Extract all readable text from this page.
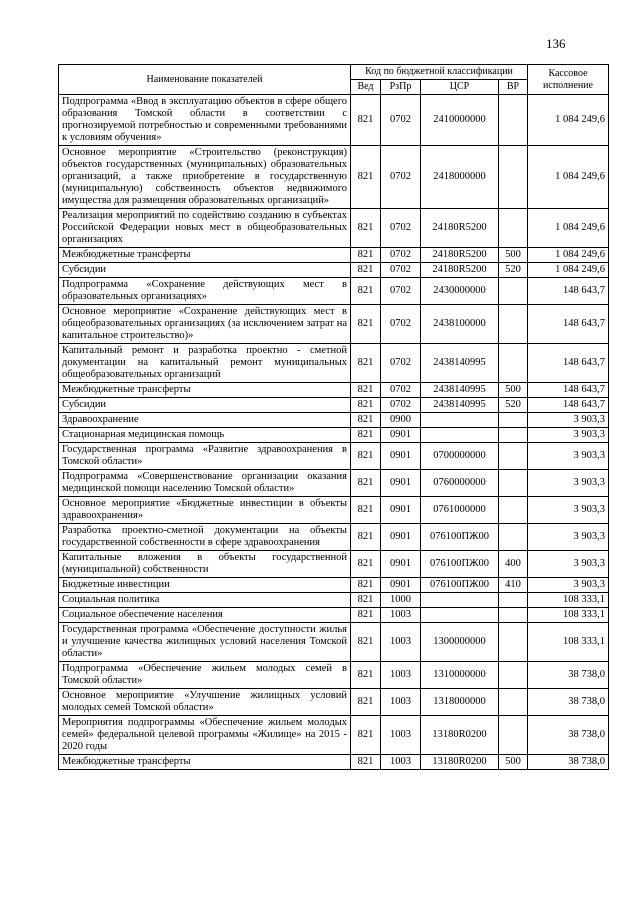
136
Наименование показателей	Код по бюджетной классификации				Кассовое исполнение
	Вед	РзПр	ЦСР	ВР	
Подпрограмма «Ввод в эксплуатацию объектов в сфере общего образования Томской области в соответствии с прогнозируемой потребностью и современными требованиями к условиям обучения»	821	0702	2410000000		1 084 249,6
Основное мероприятие «Строительство (реконструкция) объектов государственных (муниципальных) образовательных организаций, а также приобретение в государственную (муниципальную) собственность объектов недвижимого имущества для размещения образовательных организаций»	821	0702	2418000000		1 084 249,6
Реализация мероприятий по содействию созданию в субъектах Российской Федерации новых мест в общеобразовательных организациях	821	0702	24180R5200		1 084 249,6
Межбюджетные трансферты	821	0702	24180R5200	500	1 084 249,6
Субсидии	821	0702	24180R5200	520	1 084 249,6
Подпрограмма «Сохранение действующих мест в образовательных организациях»	821	0702	2430000000		148 643,7
Основное мероприятие «Сохранение действующих мест в общеобразовательных организациях (за исключением затрат на капитальное строительство)»	821	0702	2438100000		148 643,7
Капитальный ремонт и разработка проектно - сметной документации на капитальный ремонт муниципальных общеобразовательных организаций	821	0702	2438140995		148 643,7
Межбюджетные трансферты	821	0702	2438140995	500	148 643,7
Субсидии	821	0702	2438140995	520	148 643,7
Здравоохранение	821	0900			3 903,3
Стационарная медицинская помощь	821	0901			3 903,3
Государственная программа «Развитие здравоохранения в Томской области»	821	0901	0700000000		3 903,3
Подпрограмма «Совершенствование организации оказания медицинской помощи населению Томской области»	821	0901	0760000000		3 903,3
Основное мероприятие «Бюджетные инвестиции в объекты здравоохранения»	821	0901	0761000000		3 903,3
Разработка проектно-сметной документации на объекты государственной собственности в сфере здравоохранения	821	0901	076100ПЖ00		3 903,3
Капитальные вложения в объекты государственной (муниципальной) собственности	821	0901	076100ПЖ00	400	3 903,3
Бюджетные инвестиции	821	0901	076100ПЖ00	410	3 903,3
Социальная политика	821	1000			108 333,1
Социальное обеспечение населения	821	1003			108 333,1
Государственная программа «Обеспечение доступности жилья и улучшение качества жилищных условий населения Томской области»	821	1003	1300000000		108 333,1
Подпрограмма «Обеспечение жильем молодых семей в Томской области»	821	1003	1310000000		38 738,0
Основное мероприятие «Улучшение жилищных условий молодых семей Томской области»	821	1003	1318000000		38 738,0
Мероприятия подпрограммы «Обеспечение жильем молодых семей» федеральной целевой программы «Жилище» на 2015 - 2020 годы	821	1003	13180R0200		38 738,0
Межбюджетные трансферты	821	1003	13180R0200	500	38 738,0
